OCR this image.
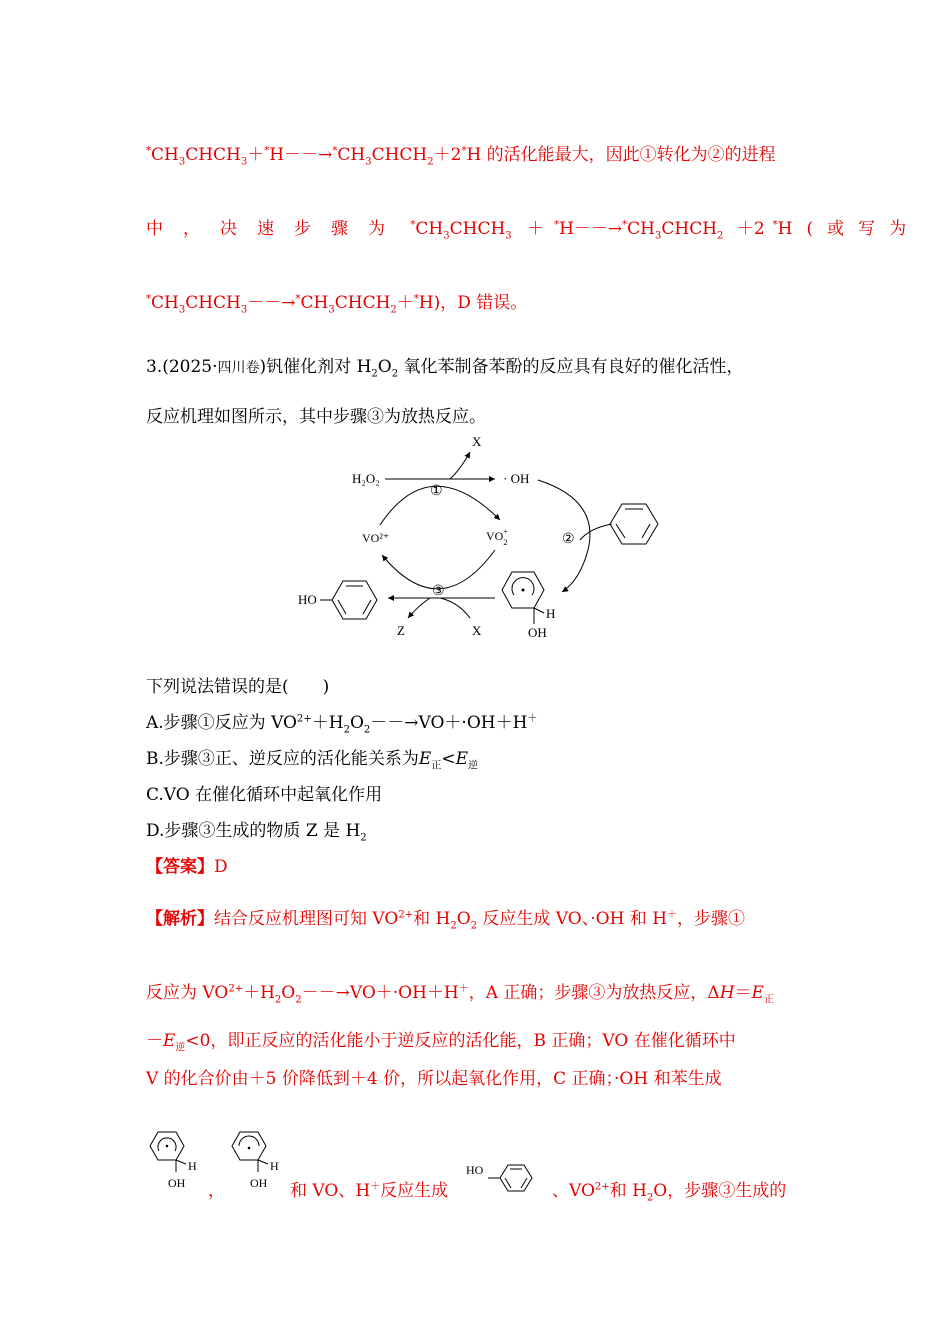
$^*CH_3CHCH_3+^*H--\to^*CH_3CHCH_2+2^*H$ 的活化能最大，因此①转化为②的进程
中，决速步骤为 $^*CH_3CHCH_3$ ＋ $^*H--\to^*CH_3CHCH_2 +2$ *H(或写为
$^*CH_3CHCH_3--\to^*CH_3CHCH_2+^*H$)，D 错误。
3.(2025·四川卷)钒催化剂对 $H_2O_2$ 氧化苯制备苯酚的反应具有良好的催化活性，
反应机理如图所示，其中步骤③为放热反应。
H₂O₂
X
· OH
①
VO²⁺	$VO_2+$
②
③
HO
Z	X
H
OH
下列说法错误的是(　　)
A.步骤①反应为 $VO^{2+}+H_2O_2--\to VO+\cdot OH+H^+$
B.步骤③正、逆反应的活化能关系为$E_正<E_逆$
C.VO 在催化循环中起氧化作用
D.步骤③生成的物质 Z 是 $H_2$
【答案】D
【解析】结合反应机理图可知 $VO^{2+}$和 $H_2O_2$ 反应生成 VO、·OH 和 H＋，步骤①
反应为 $VO^{2+}+H_2O_2--\to VO+\cdot OH+H^+$，A 正确；步骤③为放热反应，$\Delta H=E_正$
$-E_逆<0$，即正反应的活化能小于逆反应的活化能，B 正确；VO 在催化循环中
V 的化合价由＋5 价降低到＋4 价，所以起氧化作用，C 正确；·OH 和苯生成
H
OH ，
H
OH 和 VO、H＋反应生成
HO
、$VO^{2+}$和 $H_2O$，步骤③生成的
